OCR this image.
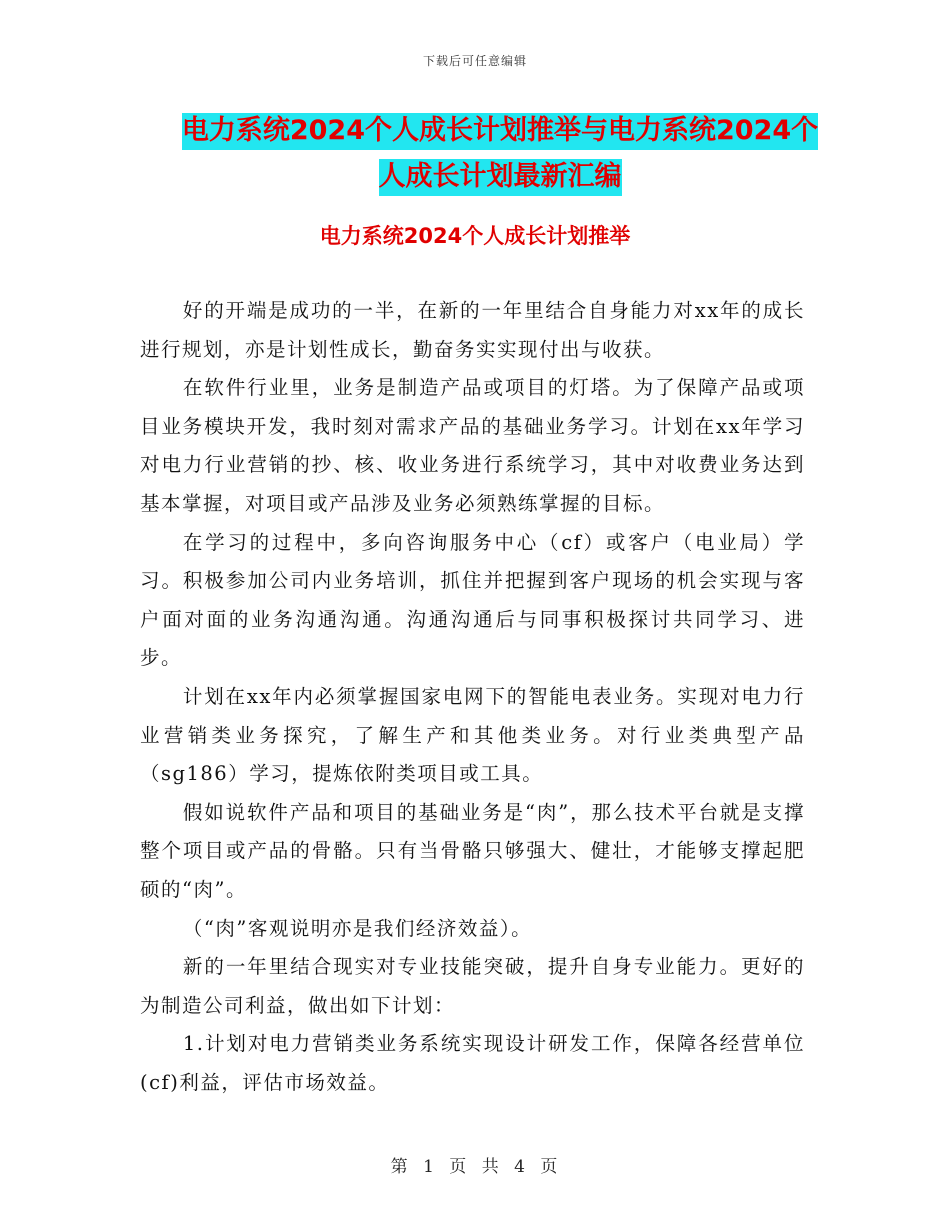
下载后可任意编辑
电力系统2024个人成长计划推举与电力系统2024个
人成长计划最新汇编
电力系统2024个人成长计划推举

好的开端是成功的一半，在新的一年里结合自身能力对xx年的成长进行规划，亦是计划性成长，勤奋务实实现付出与收获。

在软件行业里，业务是制造产品或项目的灯塔。为了保障产品或项目业务模块开发，我时刻对需求产品的基础业务学习。计划在xx年学习对电力行业营销的抄、核、收业务进行系统学习，其中对收费业务达到基本掌握，对项目或产品涉及业务必须熟练掌握的目标。

在学习的过程中，多向咨询服务中心（cf）或客户（电业局）学习。积极参加公司内业务培训，抓住并把握到客户现场的机会实现与客户面对面的业务沟通沟通。沟通沟通后与同事积极探讨共同学习、进步。

计划在xx年内必须掌握国家电网下的智能电表业务。实现对电力行业营销类业务探究，了解生产和其他类业务。对行业类典型产品（sg186）学习，提炼依附类项目或工具。

假如说软件产品和项目的基础业务是“肉”，那么技术平台就是支撑整个项目或产品的骨骼。只有当骨骼只够强大、健壮，才能够支撑起肥硕的“肉”。

（“肉”客观说明亦是我们经济效益）。

新的一年里结合现实对专业技能突破，提升自身专业能力。更好的为制造公司利益，做出如下计划：

1.计划对电力营销类业务系统实现设计研发工作，保障各经营单位(cf)利益，评估市场效益。

第 1 页 共 4 页
